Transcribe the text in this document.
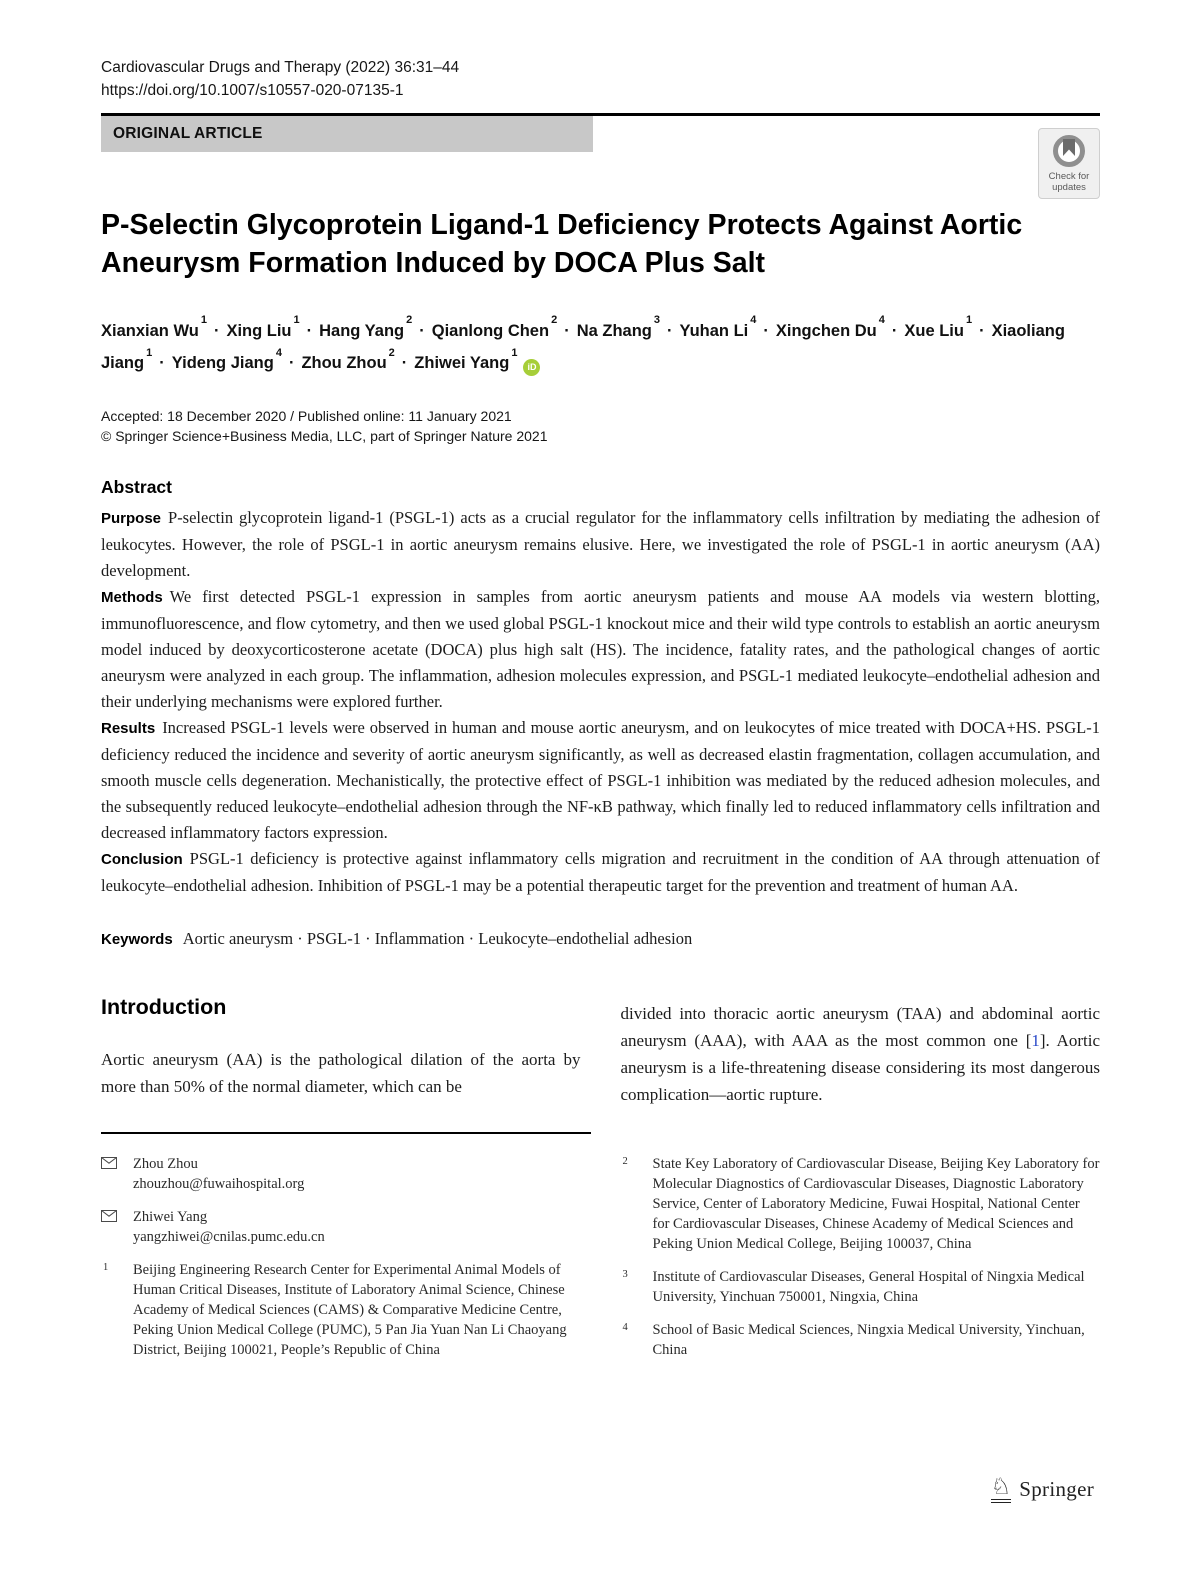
Cardiovascular Drugs and Therapy (2022) 36:31–44
https://doi.org/10.1007/s10557-020-07135-1
ORIGINAL ARTICLE
Check for
updates
P-Selectin Glycoprotein Ligand-1 Deficiency Protects Against Aortic Aneurysm Formation Induced by DOCA Plus Salt
Xianxian $Wu^1\cdot$ Xing Liu$^1$· Hang Yang$^2$· Qianlong Chen$^2$· Na Zhang$^3$· Yuhan $Li^4\cdot$ Xingchen $Du^4\cdot$ Xue Liu$^1$· Xiaoliang Jiang$^1$· Yideng Jiang$^4$· Zhou Zhou$^2$· Zhiwei Yang$^1$iD
Accepted: 18 December 2020 / Published online: 11 January 2021
© Springer Science+Business Media, LLC, part of Springer Nature 2021
Abstract

Purpose P-selectin glycoprotein ligand-1 (PSGL-1) acts as a crucial regulator for the inflammatory cells infiltration by mediating the adhesion of leukocytes. However, the role of PSGL-1 in aortic aneurysm remains elusive. Here, we investigated the role of PSGL-1 in aortic aneurysm (AA) development.

Methods We first detected PSGL-1 expression in samples from aortic aneurysm patients and mouse AA models via western blotting, immunofluorescence, and flow cytometry, and then we used global PSGL-1 knockout mice and their wild type controls to establish an aortic aneurysm model induced by deoxycorticosterone acetate (DOCA) plus high salt (HS). The incidence, fatality rates, and the pathological changes of aortic aneurysm were analyzed in each group. The inflammation, adhesion molecules expression, and PSGL-1 mediated leukocyte–endothelial adhesion and their underlying mechanisms were explored further.

Results Increased PSGL-1 levels were observed in human and mouse aortic aneurysm, and on leukocytes of mice treated with DOCA+HS. PSGL-1 deficiency reduced the incidence and severity of aortic aneurysm significantly, as well as decreased elastin fragmentation, collagen accumulation, and smooth muscle cells degeneration. Mechanistically, the protective effect of PSGL-1 inhibition was mediated by the reduced adhesion molecules, and the subsequently reduced leukocyte–endothelial adhesion through the NF-κB pathway, which finally led to reduced inflammatory cells infiltration and decreased inflammatory factors expression.

Conclusion PSGL-1 deficiency is protective against inflammatory cells migration and recruitment in the condition of AA through attenuation of leukocyte–endothelial adhesion. Inhibition of PSGL-1 may be a potential therapeutic target for the prevention and treatment of human AA.

Keywords Aortic aneurysm · PSGL-1 · Inflammation · Leukocyte–endothelial adhesion
Introduction

Aortic aneurysm (AA) is the pathological dilation of the aorta by more than 50% of the normal diameter, which can be

divided into thoracic aortic aneurysm (TAA) and abdominal aortic aneurysm (AAA), with AAA as the most common one [1]. Aortic aneurysm is a life-threatening disease considering its most dangerous complication—aortic rupture.

Zhou Zhou
zhouzhou@fuwaihospital.org
Zhiwei Yang
yangzhiwei@cnilas.pumc.edu.cn
$^1$	Beijing Engineering Research Center for Experimental Animal Models of Human Critical Diseases, Institute of Laboratory Animal Science, Chinese Academy of Medical Sciences (CAMS) & Comparative Medicine Centre, Peking Union Medical College (PUMC), 5 Pan Jia Yuan Nan Li Chaoyang District, Beijing 100021, People’s Republic of China
$^2$	State Key Laboratory of Cardiovascular Disease, Beijing Key Laboratory for Molecular Diagnostics of Cardiovascular Diseases, Diagnostic Laboratory Service, Center of Laboratory Medicine, Fuwai Hospital, National Center for Cardiovascular Diseases, Chinese Academy of Medical Sciences and Peking Union Medical College, Beijing 100037, China
$^3$	Institute of Cardiovascular Diseases, General Hospital of Ningxia Medical University, Yinchuan 750001, Ningxia, China
$^4$	School of Basic Medical Sciences, Ningxia Medical University, Yinchuan, China
♘ Springer
